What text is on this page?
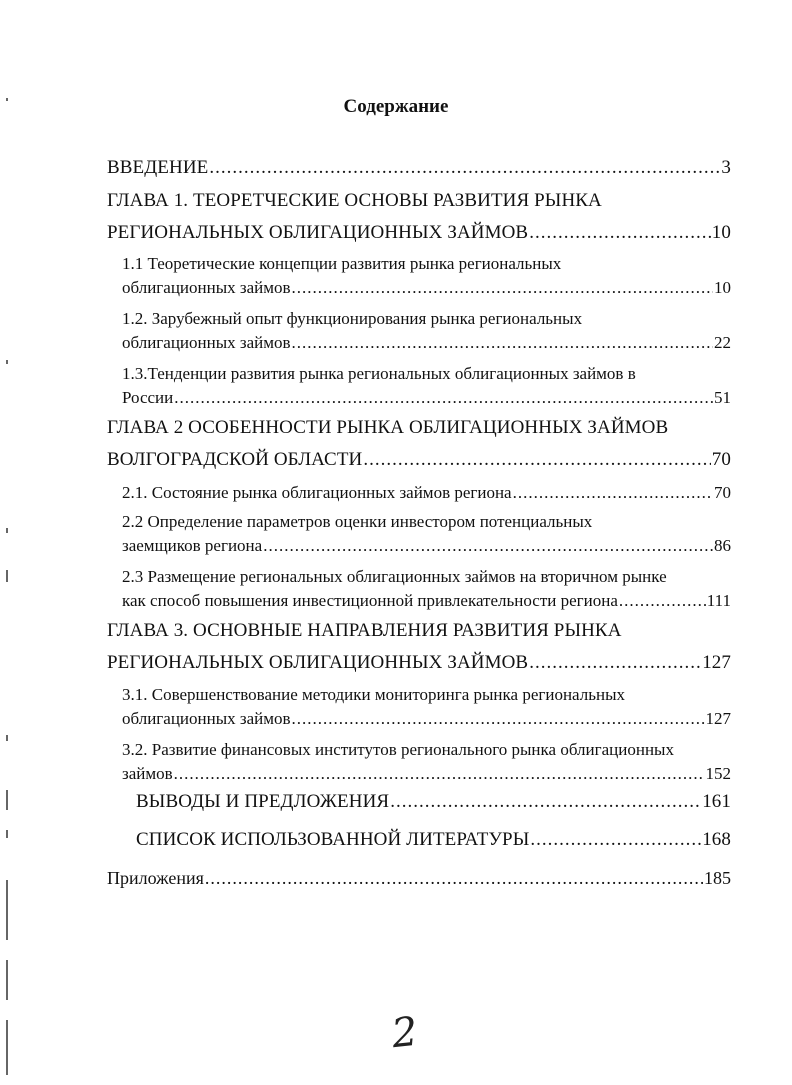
Содержание
ВВЕДЕНИЕ .....	3
ГЛАВА 1. ТЕОРЕТЧЕСКИЕ ОСНОВЫ РАЗВИТИЯ РЫНКА
РЕГИОНАЛЬНЫХ ОБЛИГАЦИОННЫХ ЗАЙМОВ .....	10
1.1 Теоретические концепции развития рынка региональных
облигационных займов .....	10
1.2. Зарубежный опыт функционирования рынка региональных
облигационных займов .....	22
1.3.Тенденции развития рынка региональных облигационных займов в
России .....	51
ГЛАВА 2 ОСОБЕННОСТИ РЫНКА ОБЛИГАЦИОННЫХ ЗАЙМОВ
ВОЛГОГРАДСКОЙ ОБЛАСТИ .....	70
2.1. Состояние рынка облигационных займов региона .....	70
2.2 Определение параметров оценки инвестором потенциальных
заемщиков региона .....	86
2.3 Размещение региональных облигационных займов на вторичном рынке
как способ повышения инвестиционной привлекательности региона .....	111
ГЛАВА 3. ОСНОВНЫЕ НАПРАВЛЕНИЯ РАЗВИТИЯ РЫНКА
РЕГИОНАЛЬНЫХ ОБЛИГАЦИОННЫХ ЗАЙМОВ .....	127
3.1. Совершенствование методики мониторинга рынка региональных
облигационных займов .....	127
3.2. Развитие финансовых институтов регионального рынка облигационных
займов .....	152
ВЫВОДЫ И ПРЕДЛОЖЕНИЯ .....	161
СПИСОК ИСПОЛЬЗОВАННОЙ ЛИТЕРАТУРЫ .....	168
Приложения .....	185
2
